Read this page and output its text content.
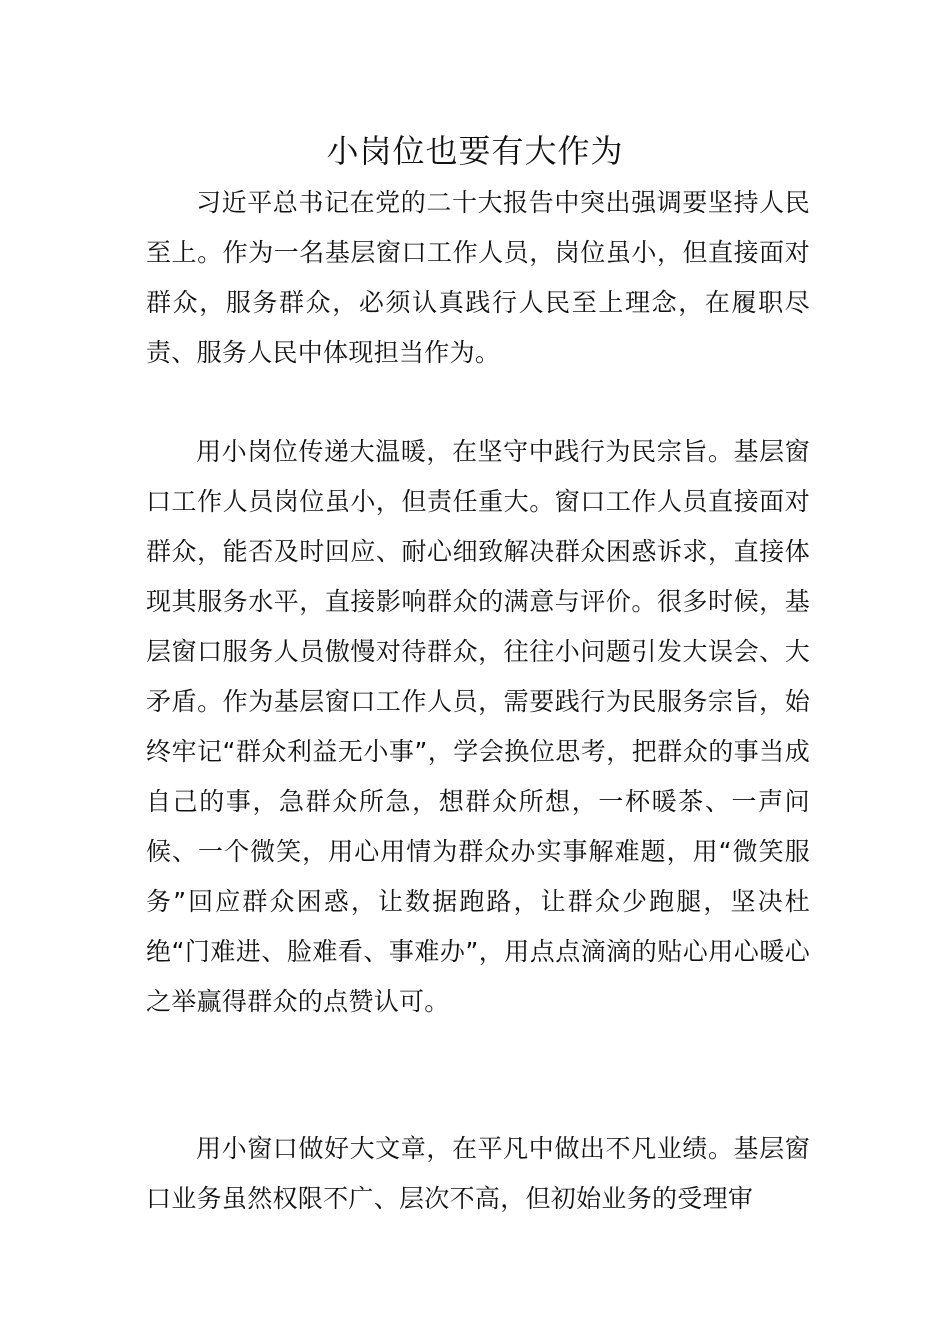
小岗位也要有大作为

习近平总书记在党的二十大报告中突出强调要坚持人民至上。作为一名基层窗口工作人员，岗位虽小，但直接面对群众，服务群众，必须认真践行人民至上理念，在履职尽责、服务人民中体现担当作为。

用小岗位传递大温暖，在坚守中践行为民宗旨。基层窗口工作人员岗位虽小，但责任重大。窗口工作人员直接面对群众，能否及时回应、耐心细致解决群众困惑诉求，直接体现其服务水平，直接影响群众的满意与评价。很多时候，基层窗口服务人员傲慢对待群众，往往小问题引发大误会、大矛盾。作为基层窗口工作人员，需要践行为民服务宗旨，始终牢记“群众利益无小事”，学会换位思考，把群众的事当成自己的事，急群众所急，想群众所想，一杯暖茶、一声问候、一个微笑，用心用情为群众办实事解难题，用“微笑服务”回应群众困惑，让数据跑路，让群众少跑腿，坚决杜绝“门难进、脸难看、事难办”，用点点滴滴的贴心用心暖心之举赢得群众的点赞认可。

用小窗口做好大文章，在平凡中做出不凡业绩。基层窗口业务虽然权限不广、层次不高，但初始业务的受理审
